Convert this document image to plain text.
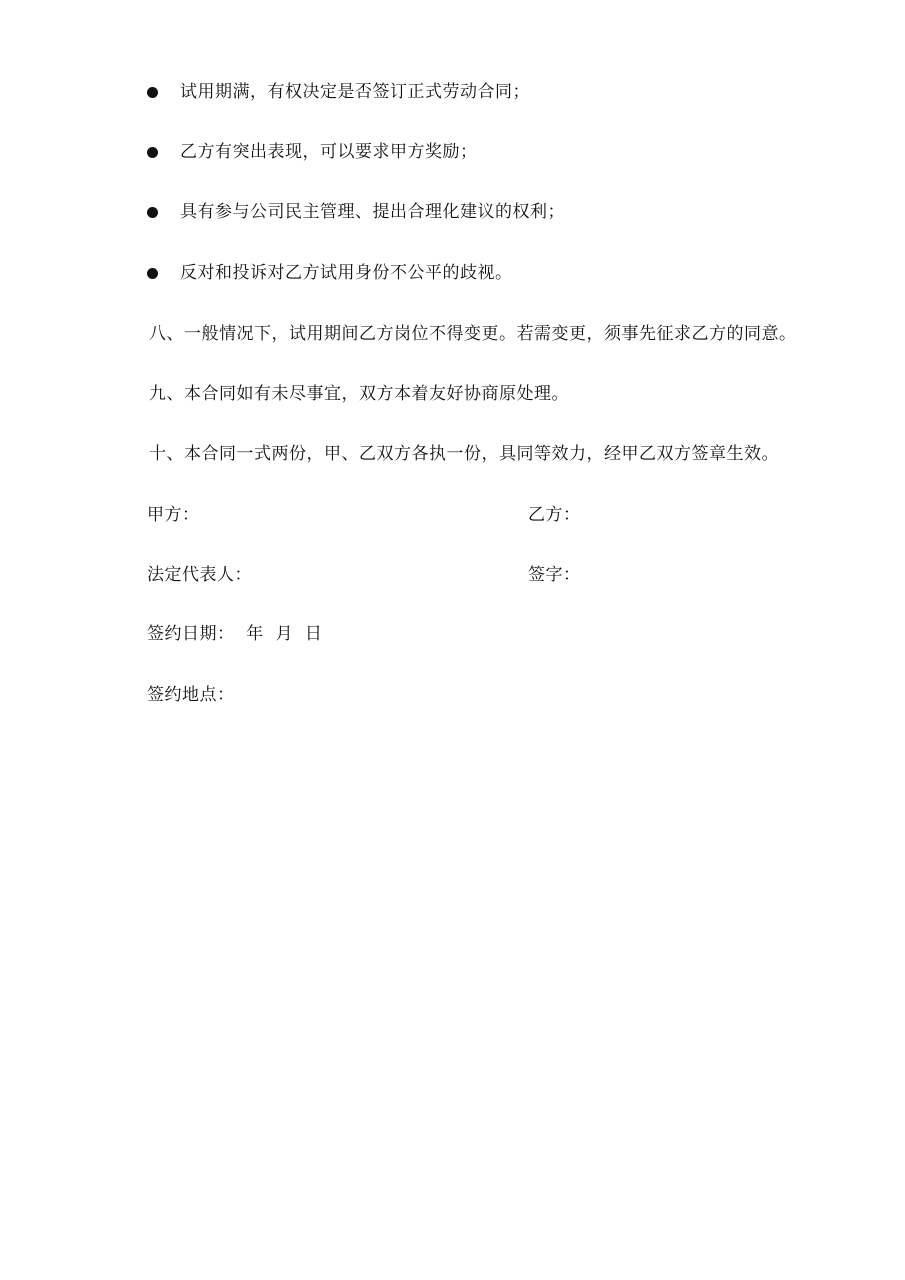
试用期满，有权决定是否签订正式劳动合同；
乙方有突出表现，可以要求甲方奖励；
具有参与公司民主管理、提出合理化建议的权利；
反对和投诉对乙方试用身份不公平的歧视。
八、一般情况下，试用期间乙方岗位不得变更。若需变更，须事先征求乙方的同意。
九、本合同如有未尽事宜，双方本着友好协商原处理。
十、本合同一式两份，甲、乙双方各执一份，具同等效力，经甲乙双方签章生效。
甲方：	乙方：
法定代表人：	签字：
签约日期：  年  月  日
签约地点：
